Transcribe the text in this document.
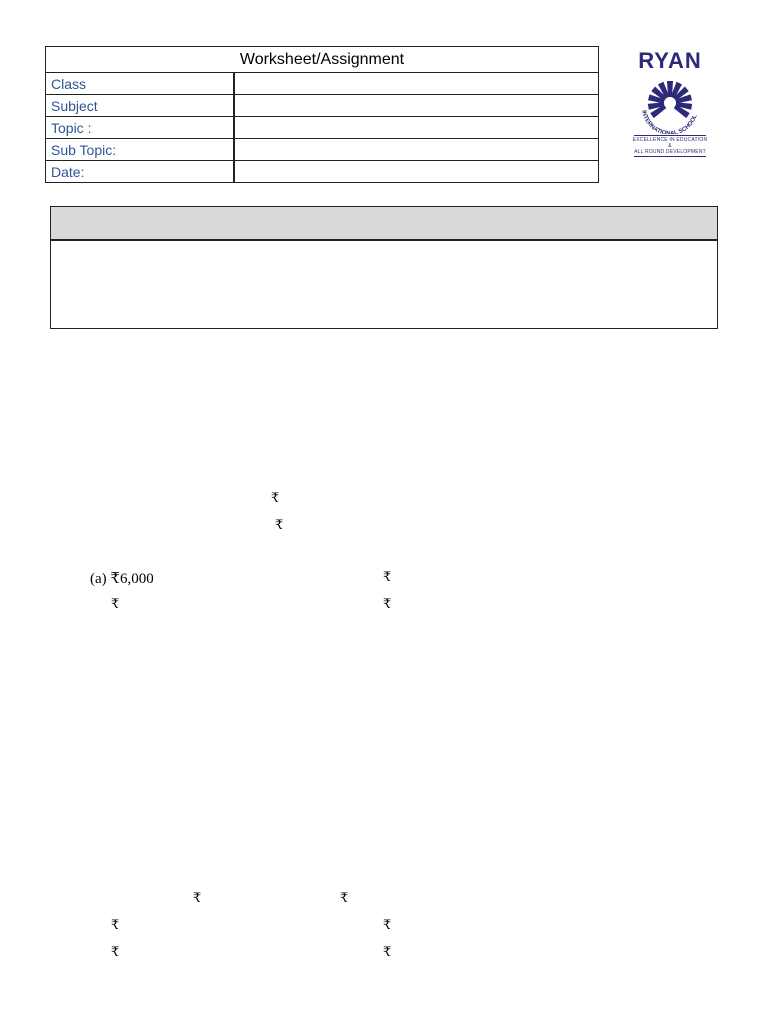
Worksheet/Assignment	
Class	
Subject	
Topic :	
Sub Topic:	
Date:	
RYAN
INTERNATIONAL SCHOOL
EXCELLENCE IN EDUCATION
&
ALL ROUND DEVELOPMENT
₹
₹
(a) ₹6,000	₹
₹	₹
₹	₹
₹	₹
₹	₹
